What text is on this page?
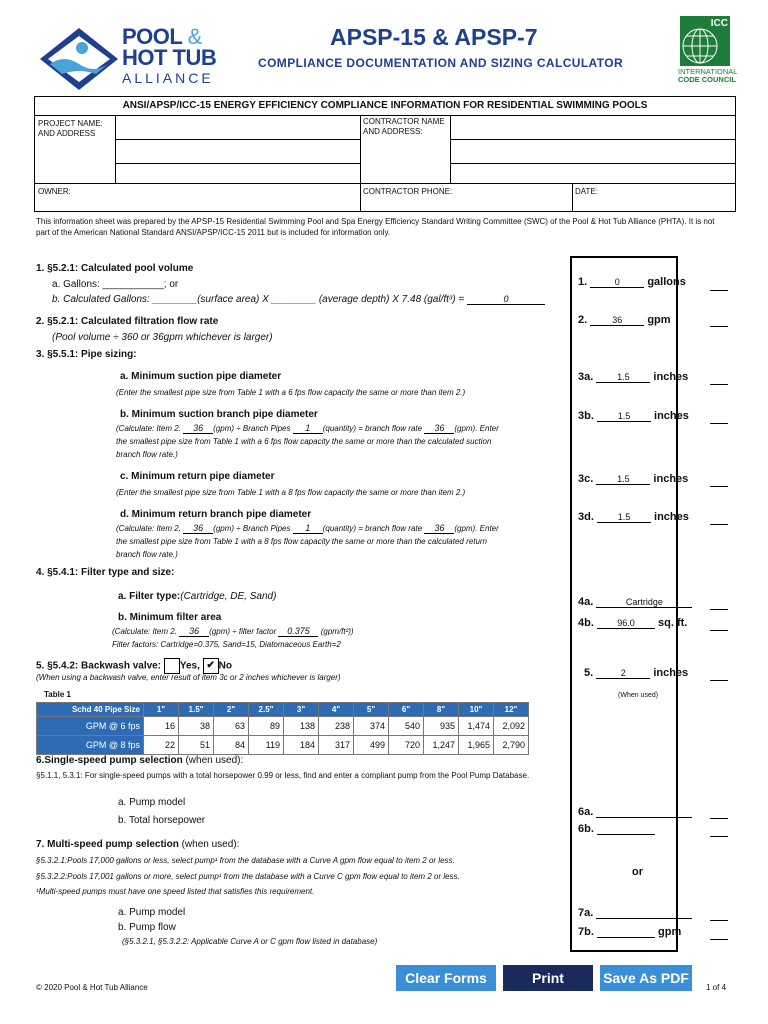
POOL &
HOT TUB
ALLIANCE
APSP-15 & APSP-7
COMPLIANCE DOCUMENTATION AND SIZING CALCULATOR
ICC
INTERNATIONAL
CODE COUNCIL
ANSI/APSP/ICC-15 ENERGY EFFICIENCY COMPLIANCE INFORMATION FOR RESIDENTIAL SWIMMING POOLS
PROJECT NAME:
AND ADDRESS
CONTRACTOR NAME
AND ADDRESS:
OWNER:	CONTRACTOR PHONE:	DATE:
This information sheet was prepared by the APSP-15 Residential Swimming Pool and Spa Energy Efficiency Standard Writing Committee (SWC) of the Pool & Hot Tub Alliance (PHTA). It is not part of the American National Standard ANSI/APSP/ICC-15 2011 but is included for information only.
1. §5.2.1: Calculated pool volume
a. Gallons: ___________; or
b. Calculated Gallons: ________(surface area) X ________ (average depth) X 7.48 (gal/ft³) =	0
2. §5.2.1: Calculated filtration flow rate
(Pool volume ÷ 360 or 36gpm whichever is larger)
3. §5.5.1: Pipe sizing:
a. Minimum suction pipe diameter
(Enter the smallest pipe size from Table 1 with a 6 fps flow capacity the same or more than item 2.)
b. Minimum suction branch pipe diameter
(Calculate: Item 2. 36 (gpm) ÷ Branch Pipes 1 (quantity) = branch flow rate 36 (gpm). Enter
the smallest pipe size from Table 1 with a 6 fps flow capacity the same or more than the calculated suction
branch flow rate.)
c. Minimum return pipe diameter
(Enter the smallest pipe size from Table 1 with a 8 fps flow capacity the same or more than item 2.)
d. Minimum return branch pipe diameter
(Calculate: Item 2. 36 (gpm) ÷ Branch Pipes 1 (quantity) = branch flow rate 36 (gpm). Enter
the smallest pipe size from Table 1 with a 8 fps flow capacity the same or more than the calculated return
branch flow rate.)
4. §5.4.1: Filter type and size:
a. Filter type:(Cartridge, DE, Sand)
b. Minimum filter area
(Calculate: Item 2. 36 (gpm) ÷ filter factor 0.375 (gpm/ft²))
Filter factors: Cartridge=0.375, Sand=15, Diatomaceous Earth=2
5. §5.4.2: Backwash valve: Yes, ✔ No
(When using a backwash valve, enter result of item 3c or 2 inches whichever is larger)
Table 1
Schd 40 Pipe Size	1"	1.5"	2"	2.5"	3"	4"	5"	6"	8"	10"	12"
GPM @ 6 fps	16	38	63	89	138	238	374	540	935	1,474	2,092
GPM @ 8 fps	22	51	84	119	184	317	499	720	1,247	1,965	2,790
6.Single-speed pump selection (when used):
§5.1.1, 5.3.1: For single-speed pumps with a total horsepower 0.99 or less, find and enter a compliant pump from the Pool Pump Database.
a. Pump model
b. Total horsepower
7. Multi-speed pump selection (when used):
§5.3.2.1:Pools 17,000 gallons or less, select pump¹ from the database with a Curve A gpm flow equal to item 2 or less.
§5.3.2.2:Pools 17,001 gallons or more, select pump¹ from the database with a Curve C gpm flow equal to item 2 or less.
¹Multi-speed pumps must have one speed listed that satisfies this requirement.
a. Pump model
b. Pump flow
(§5.3.2.1, §5.3.2.2: Applicable Curve A or C gpm flow listed in database)
1.	0	gallons
2.	36 gpm
3a.	1.5 inches
3b.	1.5 inches
3c.	1.5 inches
3d.	1.5 inches
4a.	Cartridge
4b.	96.0 sq. ft.
5.	2	inches
(When used)
6a.
6b.
or
7a.
7b.	gpm
Clear Forms	Print	Save As PDF
© 2020 Pool & Hot Tub Alliance	1 of 4
